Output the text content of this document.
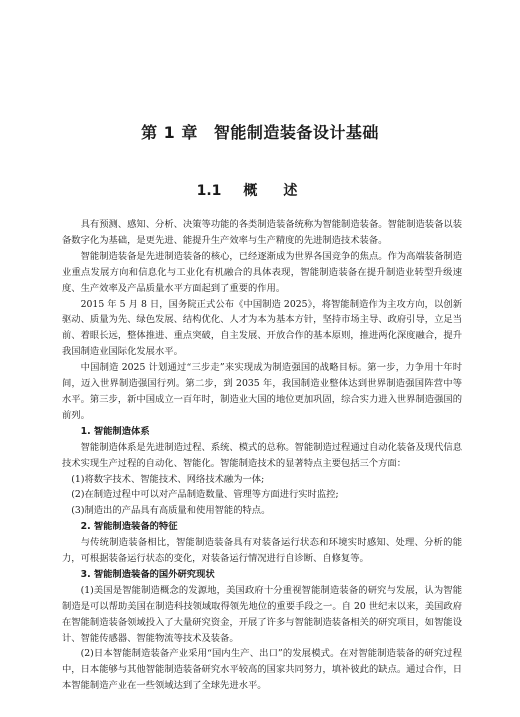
第 1 章 智能制造装备设计基础
1.1 概述

具有预测、感知、分析、决策等功能的各类制造装备统称为智能制造装备。智能制造装备以装备数字化为基础，是更先进、能提升生产效率与生产精度的先进制造技术装备。

智能制造装备是先进制造装备的核心，已经逐渐成为世界各国竞争的焦点。作为高端装备制造业重点发展方向和信息化与工业化有机融合的具体表现，智能制造装备在提升制造业转型升级速度、生产效率及产品质量水平方面起到了重要的作用。

2015 年 5 月 8 日，国务院正式公布《中国制造 2025》，将智能制造作为主攻方向，以创新驱动、质量为先、绿色发展、结构优化、人才为本为基本方针，坚持市场主导、政府引导，立足当前、着眼长远，整体推进、重点突破，自主发展、开放合作的基本原则，推进两化深度融合，提升我国制造业国际化发展水平。

中国制造 2025 计划通过“三步走”来实现成为制造强国的战略目标。第一步，力争用十年时间，迈入世界制造强国行列。第二步，到 2035 年，我国制造业整体达到世界制造强国阵营中等水平。第三步，新中国成立一百年时，制造业大国的地位更加巩固，综合实力进入世界制造强国的前列。

1. 智能制造体系

智能制造体系是先进制造过程、系统、模式的总称。智能制造过程通过自动化装备及现代信息技术实现生产过程的自动化、智能化。智能制造技术的显著特点主要包括三个方面：

(1)将数字技术、智能技术、网络技术融为一体;

(2)在制造过程中可以对产品制造数量、管理等方面进行实时监控;

(3)制造出的产品具有高质量和使用智能的特点。

2. 智能制造装备的特征

与传统制造装备相比，智能制造装备具有对装备运行状态和环境实时感知、处理、分析的能力，可根据装备运行状态的变化，对装备运行情况进行自诊断、自修复等。

3. 智能制造装备的国外研究现状

(1)美国是智能制造概念的发源地，美国政府十分重视智能制造装备的研究与发展，认为智能制造是可以帮助美国在制造科技领域取得领先地位的重要手段之一。自 20 世纪末以来，美国政府在智能制造装备领域投入了大量研究资金，开展了许多与智能制造装备相关的研究项目，如智能设计、智能传感器、智能物流等技术及装备。

(2)日本智能制造装备产业采用“国内生产、出口”的发展模式。在对智能制造装备的研究过程中，日本能够与其他智能制造装备研究水平较高的国家共同努力，填补彼此的缺点。通过合作，日本智能制造产业在一些领域达到了全球先进水平。
